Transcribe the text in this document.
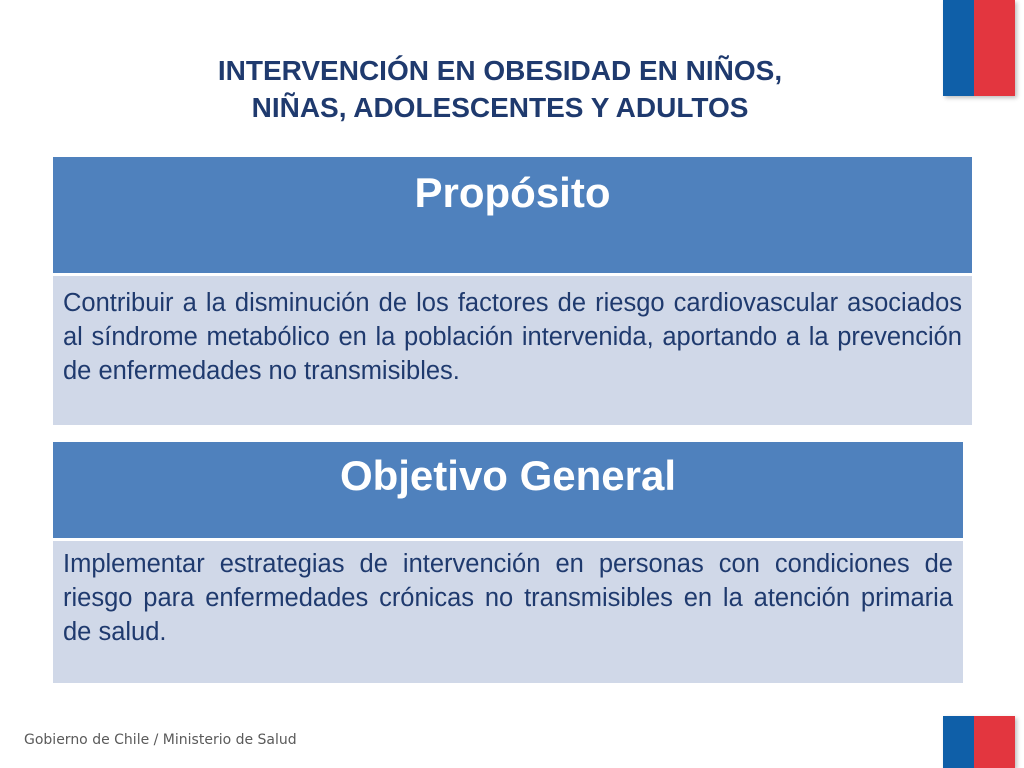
INTERVENCIÓN EN OBESIDAD EN NIÑOS,
NIÑAS, ADOLESCENTES Y ADULTOS
Propósito
Contribuir a la disminución de los factores de riesgo cardiovascular asociados al síndrome metabólico en la población intervenida, aportando a la prevención de enfermedades no transmisibles.
Objetivo General
Implementar estrategias de intervención en personas con condiciones de riesgo para enfermedades crónicas no transmisibles en la atención primaria de salud.
Gobierno de Chile / Ministerio de Salud
